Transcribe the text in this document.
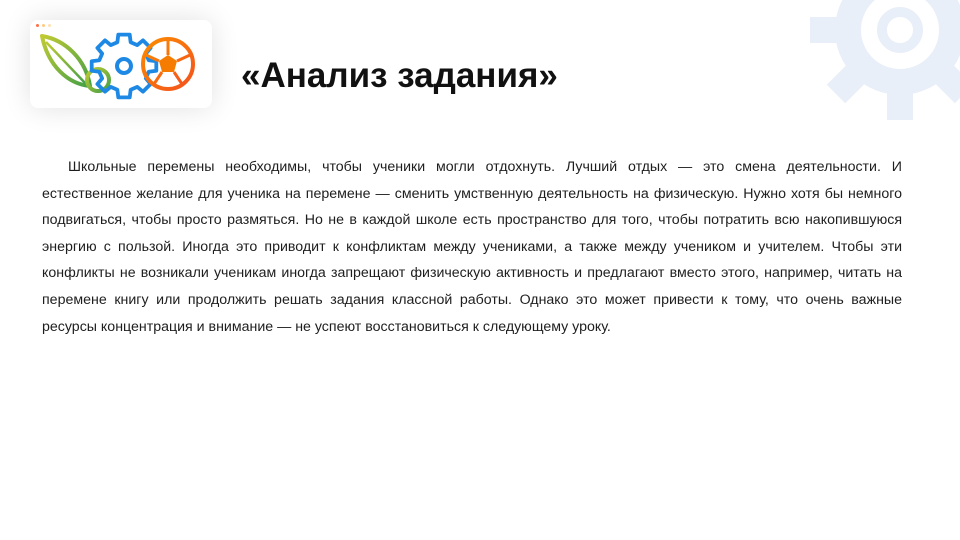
«Анализ задания»

Школьные перемены необходимы, чтобы ученики могли отдохнуть. Лучший отдых — это смена деятельности. И естественное желание для ученика на перемене — сменить умственную деятельность на физическую. Нужно хотя бы немного подвигаться, чтобы просто размяться. Но не в каждой школе есть пространство для того, чтобы потратить всю накопившуюся энергию с пользой. Иногда это приводит к конфликтам между учениками, а также между учеником и учителем. Чтобы эти конфликты не возникали ученикам иногда запрещают физическую активность и предлагают вместо этого, например, читать на перемене книгу или продолжить решать задания классной работы. Однако это может привести к тому, что очень важные ресурсы концентрация и внимание — не успеют восстановиться к следующему уроку.
